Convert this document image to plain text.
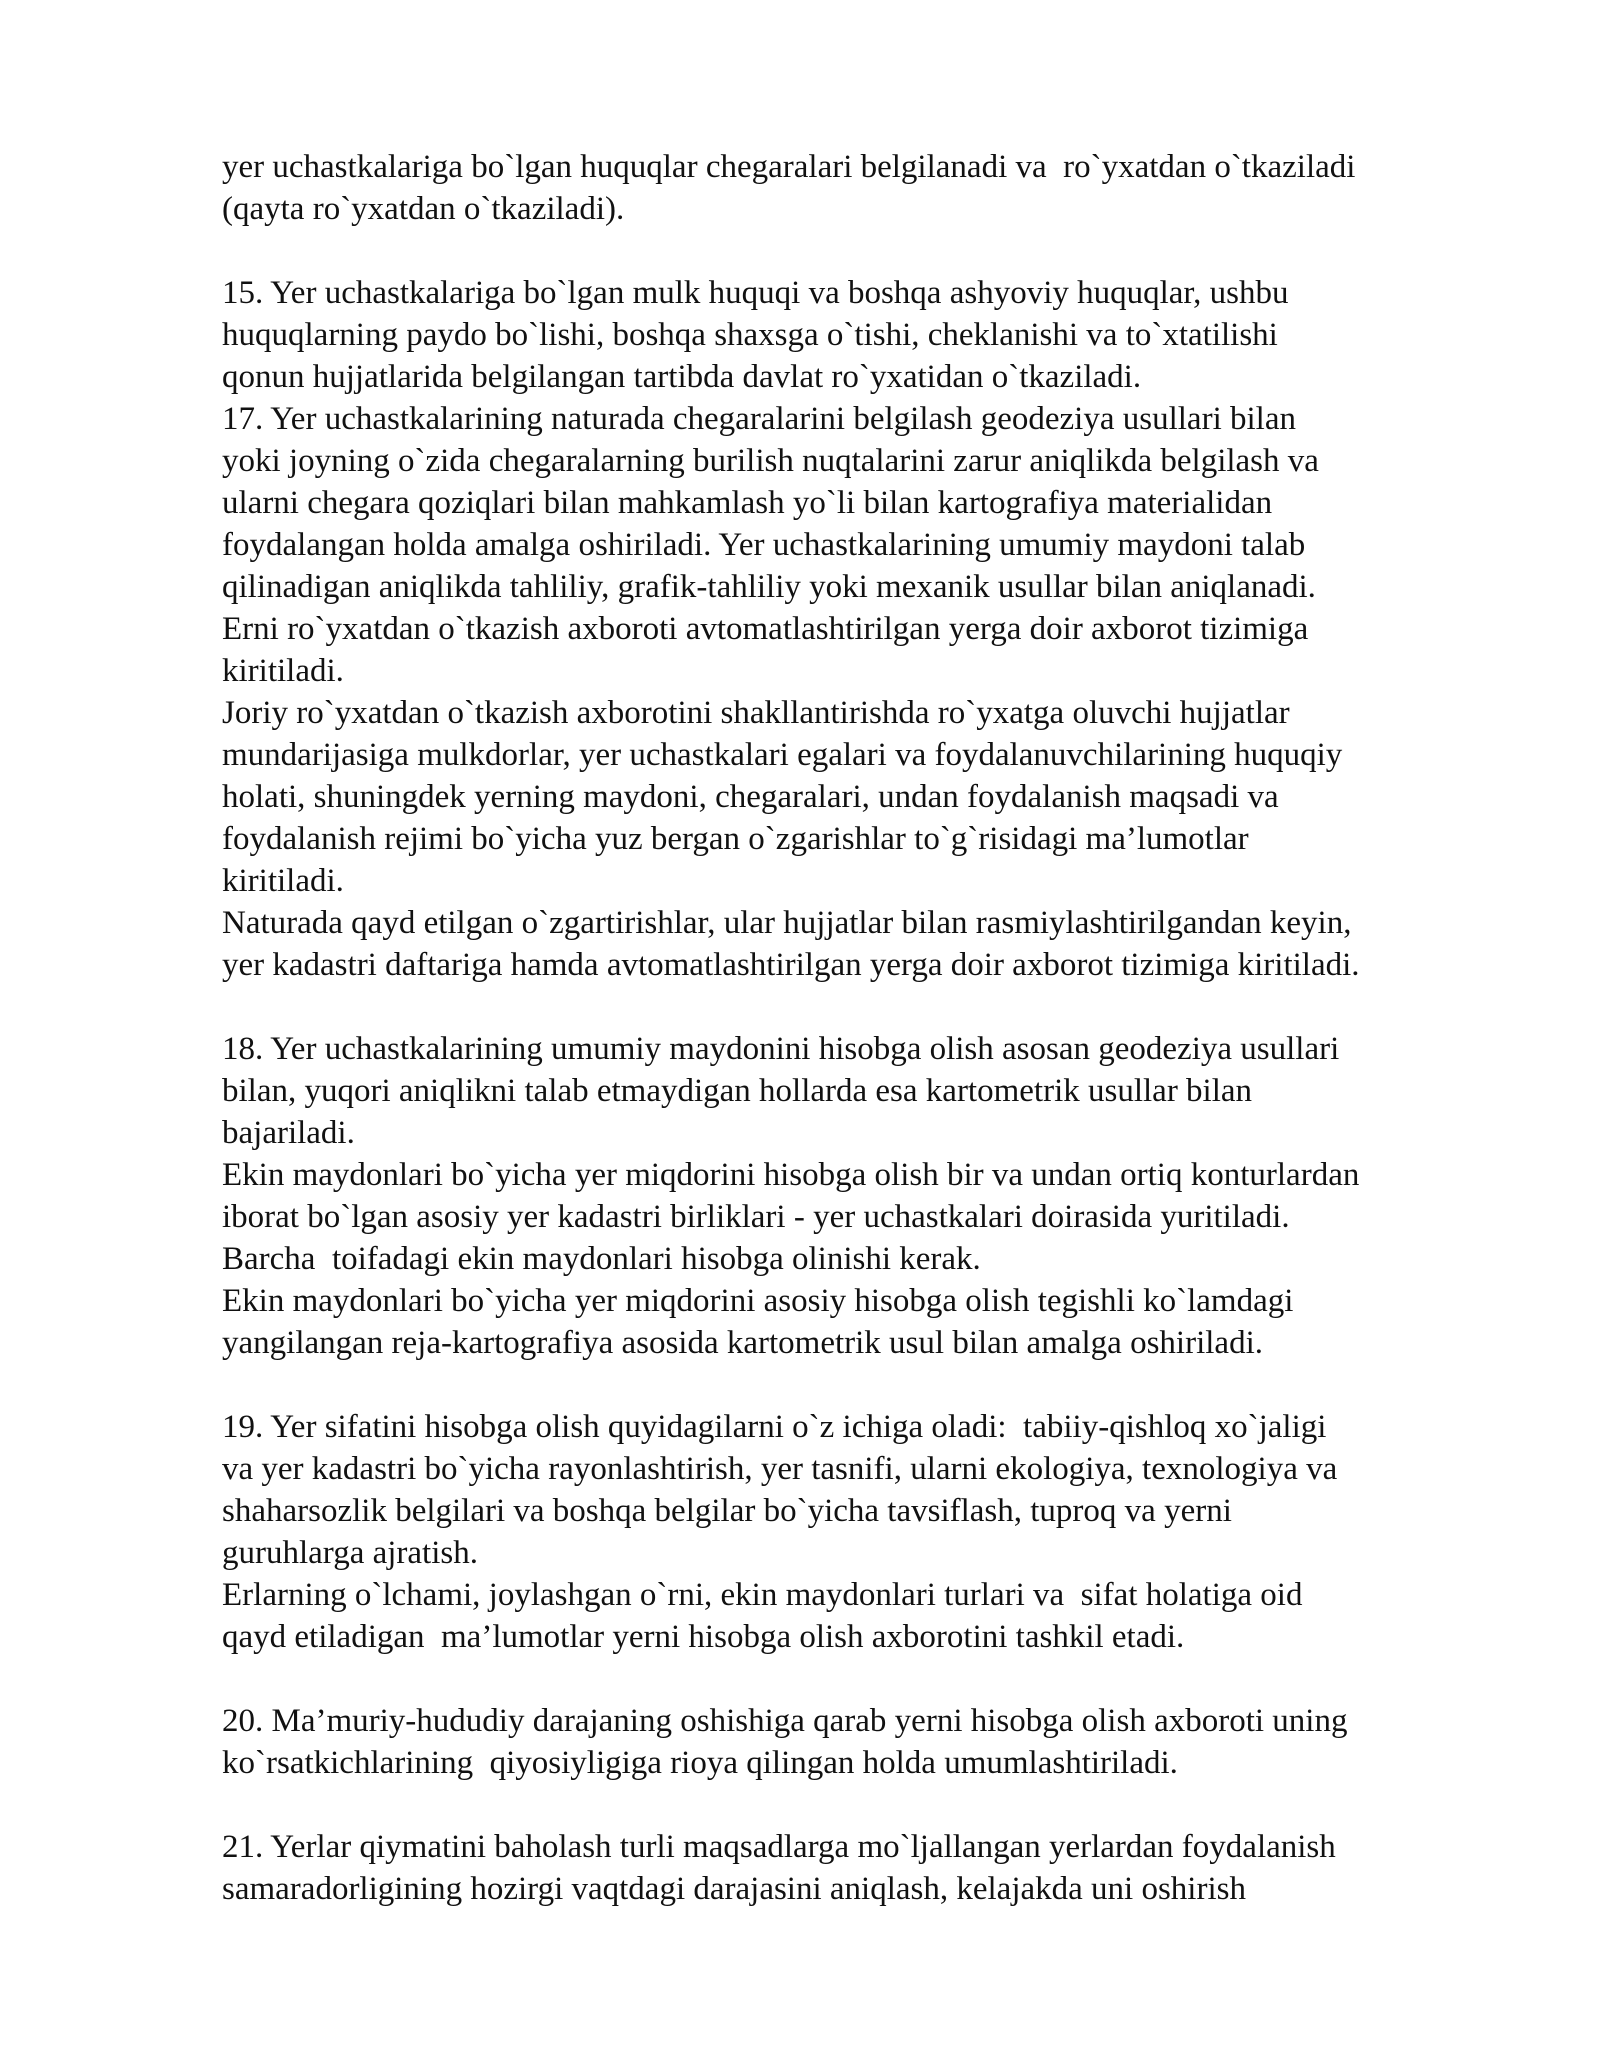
yer uchastkalariga bo`lgan huquqlar chegaralari belgilanadi va  ro`yxatdan o`tkaziladi
(qayta ro`yxatdan o`tkaziladi).
15. Yer uchastkalariga bo`lgan mulk huquqi va boshqa ashyoviy huquqlar, ushbu
huquqlarning paydo bo`lishi, boshqa shaxsga o`tishi, cheklanishi va to`xtatilishi
qonun hujjatlarida belgilangan tartibda davlat ro`yxatidan o`tkaziladi.
17. Yer uchastkalarining naturada chegaralarini belgilash geodeziya usullari bilan
yoki joyning o`zida chegaralarning burilish nuqtalarini zarur aniqlikda belgilash va
ularni chegara qoziqlari bilan mahkamlash yo`li bilan kartografiya materialidan
foydalangan holda amalga oshiriladi. Yer uchastkalarining umumiy maydoni talab
qilinadigan aniqlikda tahliliy, grafik-tahliliy yoki mexanik usullar bilan aniqlanadi.
Erni ro`yxatdan o`tkazish axboroti avtomatlashtirilgan yerga doir axborot tizimiga
kiritiladi.
Joriy ro`yxatdan o`tkazish axborotini shakllantirishda ro`yxatga oluvchi hujjatlar
mundarijasiga mulkdorlar, yer uchastkalari egalari va foydalanuvchilarining huquqiy
holati, shuningdek yerning maydoni, chegaralari, undan foydalanish maqsadi va
foydalanish rejimi bo`yicha yuz bergan o`zgarishlar to`g`risidagi ma’lumotlar
kiritiladi.
Naturada qayd etilgan o`zgartirishlar, ular hujjatlar bilan rasmiylashtirilgandan keyin,
yer kadastri daftariga hamda avtomatlashtirilgan yerga doir axborot tizimiga kiritiladi.
18. Yer uchastkalarining umumiy maydonini hisobga olish asosan geodeziya usullari
bilan, yuqori aniqlikni talab etmaydigan hollarda esa kartometrik usullar bilan
bajariladi.
Ekin maydonlari bo`yicha yer miqdorini hisobga olish bir va undan ortiq konturlardan
iborat bo`lgan asosiy yer kadastri birliklari - yer uchastkalari doirasida yuritiladi.
Barcha  toifadagi ekin maydonlari hisobga olinishi kerak.
Ekin maydonlari bo`yicha yer miqdorini asosiy hisobga olish tegishli ko`lamdagi
yangilangan reja-kartografiya asosida kartometrik usul bilan amalga oshiriladi.
19. Yer sifatini hisobga olish quyidagilarni o`z ichiga oladi:  tabiiy-qishloq xo`jaligi
va yer kadastri bo`yicha rayonlashtirish, yer tasnifi, ularni ekologiya, texnologiya va
shaharsozlik belgilari va boshqa belgilar bo`yicha tavsiflash, tuproq va yerni
guruhlarga ajratish.
Erlarning o`lchami, joylashgan o`rni, ekin maydonlari turlari va  sifat holatiga oid
qayd etiladigan  ma’lumotlar yerni hisobga olish axborotini tashkil etadi.
20. Ma’muriy-hududiy darajaning oshishiga qarab yerni hisobga olish axboroti uning
ko`rsatkichlarining  qiyosiyligiga rioya qilingan holda umumlashtiriladi.
21. Yerlar qiymatini baholash turli maqsadlarga mo`ljallangan yerlardan foydalanish
samaradorligining hozirgi vaqtdagi darajasini aniqlash, kelajakda uni oshirish
